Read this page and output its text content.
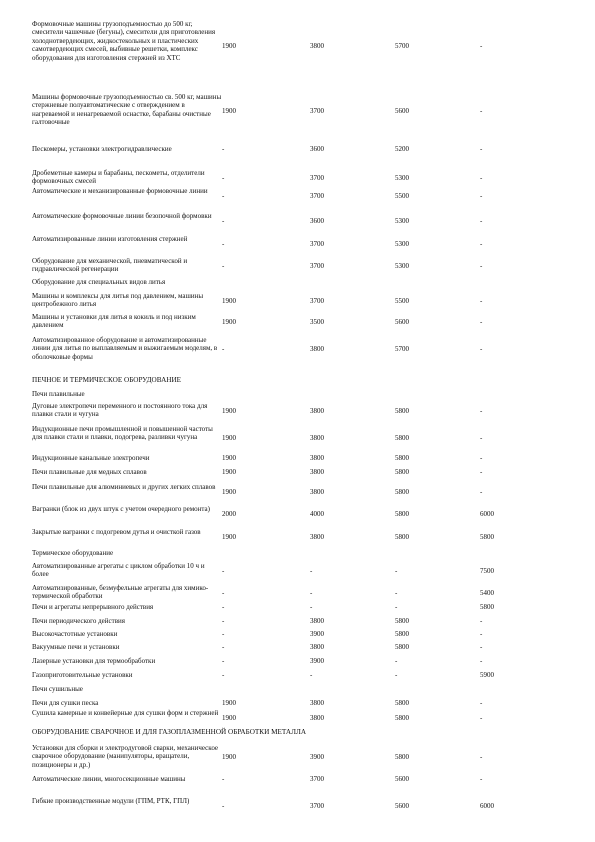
Формовочные машины грузоподъемностью до 500 кг, смесители чашечные (бегуны), смесители для приготовления холоднотвердеющих, жидкостекольных и пластических самотвердеющих смесей, выбивные решетки, комплекс оборудования для изготовления стержней из ХТС
1900	3800	5700	-
Машины формовочные грузоподъемностью св. 500 кг, машины стержневые полуавтоматические с отверждением в нагреваемой и ненагреваемой оснастке, барабаны очистные галтовочные
1900	3700	5600	-
Пескомеры, установки электрогидравлические	-	3600	5200	-
Дробеметные камеры и барабаны, пескометы, отделители формовочных смесей	-	3700	5300	-
Автоматические и механизированные формовочные линии
-	3700	5500	-
Автоматические формовочные линии безопочной формовки
-	3600	5300	-
Автоматизированные линии изготовления стержней
-	3700	5300	-
Оборудование для механической, пневматической и гидравлической регенерации	-	3700	5300	-
Оборудование для специальных видов литья
Машины и комплексы для литья под давлением, машины центробежного литья	1900	3700	5500	-
Машины и установки для литья в кокиль и под низким давлением	1900	3500	5600	-
Автоматизированное оборудование и автоматизированные линии для литья по выплавляемым и выжигаемым моделям, в оболочковые формы
-	3800	5700	-
ПЕЧНОЕ И ТЕРМИЧЕСКОЕ ОБОРУДОВАНИЕ
Печи плавильные
Дуговые электропечи переменного и постоянного тока для плавки стали и чугуна	1900	3800	5800	-
Индукционные печи промышленной и повышенной частоты для плавки стали и плавки, подогрева, разливки чугуна	1900	3800	5800	-
Индукционные канальные электропечи	1900	3800	5800	-
Печи плавильные для медных сплавов	1900	3800	5800	-
Печи плавильные для алюминиевых и других легких сплавов
1900	3800	5800	-
Вагранки (блок из двух штук с учетом очередного ремонта)
2000	4000	5800	6000
Закрытые вагранки с подогревом дутья и очисткой газов
1900	3800	5800	5800
Термическое оборудование
Автоматизированные агрегаты с циклом обработки 10 ч и более	-	-	-	7500
Автоматизированные, безмуфельные агрегаты для химико-термической обработки	-	-	-	5400
Печи и агрегаты непрерывного действия	-	-	-	5800
Печи периодического действия	-	3800	5800	-
Высокочастотные установки	-	3900	5800	-
Вакуумные печи и установки	-	3800	5800	-
Лазерные установки для термообработки	-	3900	-	-
Газоприготовительные установки	-	-	-	5900
Печи сушильные
Печи для сушки песка	1900	3800	5800	-
Сушила камерные и конвейерные для сушки форм и стержней
1900	3800	5800	-
ОБОРУДОВАНИЕ СВАРОЧНОЕ И ДЛЯ ГАЗОПЛАЗМЕННОЙ ОБРАБОТКИ МЕТАЛЛА
Установки для сборки и электродуговой сварки, механическое сварочное оборудование (манипуляторы, вращатели, позиционеры и др.)
1900	3900	5800	-
Автоматические линии, многосекционные машины	-	3700	5600	-
Гибкие производственные модули (ГПМ, РТК, ГПЛ)
-	3700	5600	6000
